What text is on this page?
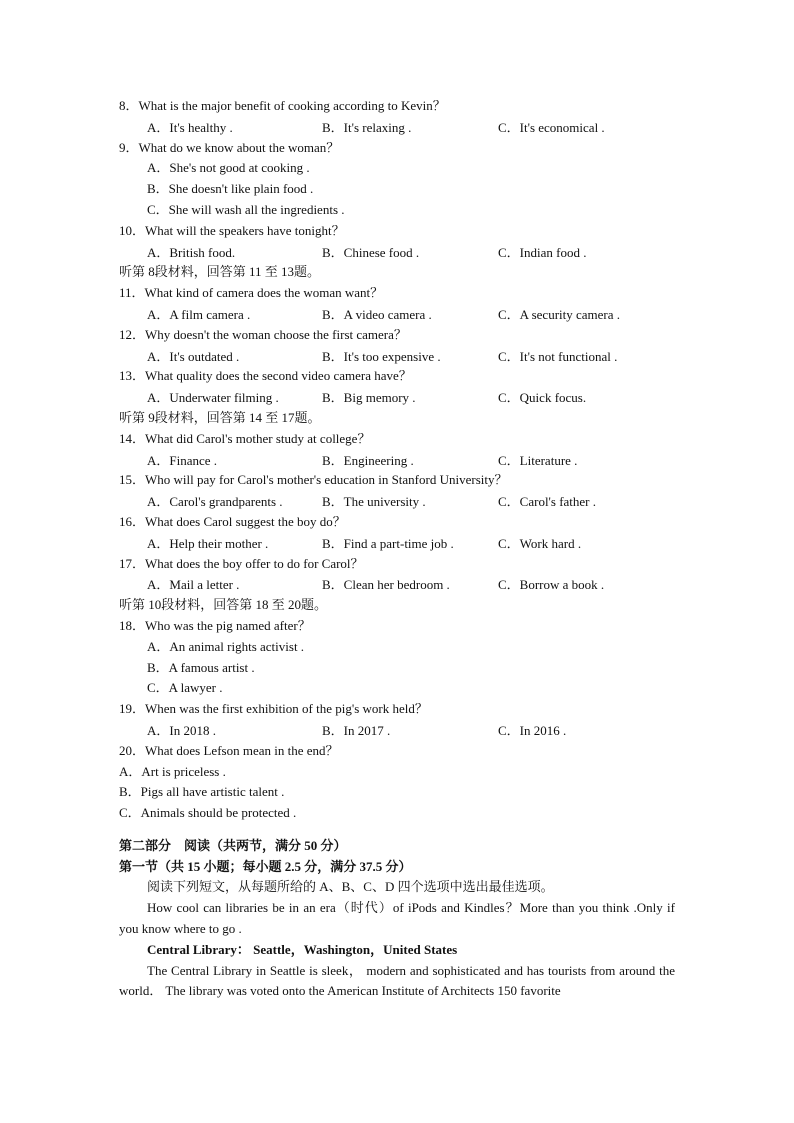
8．What is the major benefit of cooking according to Kevin？
A．It's healthy .	B．It's relaxing .	C．It's economical .
9．What do we know about the woman？
A．She's not good at cooking .
B．She doesn't like plain food .
C．She will wash all the ingredients .
10．What will the speakers have tonight？
A．British food.	B．Chinese food .	C．Indian food .
听第 8段材料，回答第 11 至 13题。
11．What kind of camera does the woman want？
A．A film camera .	B．A video camera .	C．A security camera .
12．Why doesn't the woman choose the first camera？
A．It's outdated .	B．It's too expensive .	C．It's not functional .
13．What quality does the second video camera have？
A．Underwater filming .	B．Big memory .	C．Quick focus.
听第 9段材料，回答第 14 至 17题。
14．What did Carol's mother study at college？
A．Finance .	B．Engineering .	C．Literature .
15．Who will pay for Carol's mother's education in Stanford University？
A．Carol's grandparents .	B．The university .	C．Carol's father .
16．What does Carol suggest the boy do？
A．Help their mother .	B．Find a part-time job .	C．Work hard .
17．What does the boy offer to do for Carol？
A．Mail a letter .	B．Clean her bedroom .	C．Borrow a book .
听第 10段材料，回答第 18 至 20题。
18．Who was the pig named after？
A．An animal rights activist .
B．A famous artist .
C．A lawyer .
19．When was the first exhibition of the pig's work held？
A．In 2018 .	B．In 2017 .	C．In 2016 .
20．What does Lefson mean in the end？
A．Art is priceless .
B．Pigs all have artistic talent .
C．Animals should be protected .
第二部分　阅读（共两节，满分 50 分）
第一节（共 15 小题；每小题 2.5 分，满分 37.5 分）
阅读下列短文，从每题所给的 A、B、C、D 四个选项中选出最佳选项。
How cool can libraries be in an era（时代）of iPods and Kindles？More than you think .Only if you know where to go .
Central Library： Seattle，Washington，United States
The Central Library in Seattle is sleek， modern and sophisticated and has tourists from around the world． The library was voted onto the American Institute of Architects 150 favorite
